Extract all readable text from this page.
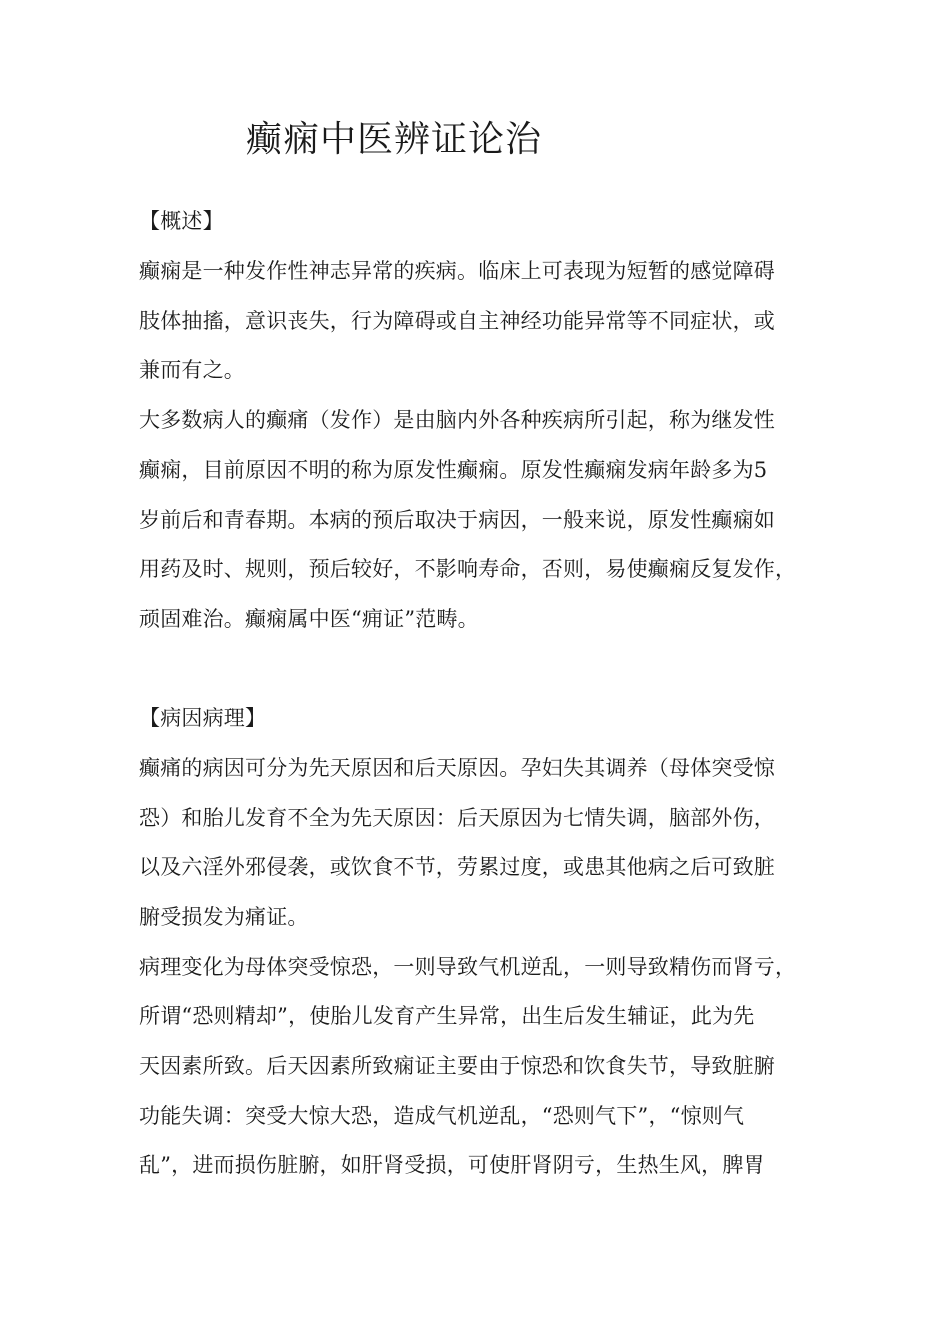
癫痫中医辨证论治
【概述】
癫痫是一种发作性神志异常的疾病。临床上可表现为短暂的感觉障碍
肢体抽搐，意识丧失，行为障碍或自主神经功能异常等不同症状，或
兼而有之。
大多数病人的癫痛（发作）是由脑内外各种疾病所引起，称为继发性
癫痫，目前原因不明的称为原发性癫痫。原发性癫痫发病年龄多为5
岁前后和青春期。本病的预后取决于病因，一般来说，原发性癫痫如
用药及时、规则，预后较好，不影响寿命，否则，易使癫痫反复发作，
顽固难治。癫痫属中医“痈证”范畴。
【病因病理】
癫痛的病因可分为先天原因和后天原因。孕妇失其调养（母体突受惊
恐）和胎儿发育不全为先天原因：后天原因为七情失调，脑部外伤，
以及六淫外邪侵袭，或饮食不节，劳累过度，或患其他病之后可致脏
腑受损发为痛证。
病理变化为母体突受惊恐，一则导致气机逆乱，一则导致精伤而肾亏，
所谓“恐则精却”，使胎儿发育产生异常，出生后发生辅证，此为先
天因素所致。后天因素所致痫证主要由于惊恐和饮食失节，导致脏腑
功能失调：突受大惊大恐，造成气机逆乱，“恐则气下”，“惊则气
乱”，进而损伤脏腑，如肝肾受损，可使肝肾阴亏，生热生风，脾胃
